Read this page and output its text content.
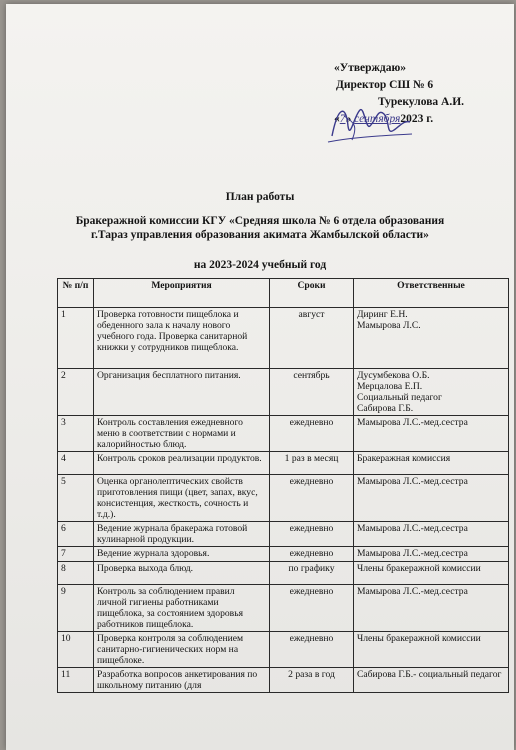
«Утверждаю»
Директор СШ № 6
Турекулова А.И.
«7» сентября2023 г.
План работы
Бракеражной комиссии КГУ «Средняя школа № 6 отдела образования
г.Тараз управления образования акимата Жамбылской области»
на 2023-2024 учебный год
№ п/п	Мероприятия	Сроки	Ответственные
1	Проверка готовности пищеблока и обеденного зала к началу нового учебного года. Проверка санитарной книжки у сотрудников пищеблока.	август	Диринг Е.Н.
Мамырова Л.С.
2	Организация бесплатного питания.	сентябрь	Дусумбекова О.Б.
Мерцалова Е.П.
Социальный педагог
Сабирова Г.Б.
3	Контроль составления ежедневного меню в соответствии с нормами и калорийностью блюд.	ежедневно	Мамырова Л.С.-мед.сестра
4	Контроль сроков реализации продуктов.	1 раз в месяц	Бракеражная комиссия
5	Оценка органолептических свойств приготовления пищи (цвет, запах, вкус, консистенция, жесткость, сочность и т.д.).	ежедневно	Мамырова Л.С.-мед.сестра
6	Ведение журнала бракеража готовой кулинарной продукции.	ежедневно	Мамырова Л.С.-мед.сестра
7	Ведение журнала здоровья.	ежедневно	Мамырова Л.С.-мед.сестра
8	Проверка выхода блюд.	по графику	Члены бракеражной комиссии
9	Контроль за соблюдением правил личной гигиены работниками пищеблока, за состоянием здоровья работников пищеблока.	ежедневно	Мамырова Л.С.-мед.сестра
10	Проверка контроля за соблюдением санитарно-гигиенических норм на пищеблоке.	ежедневно	Члены бракеражной комиссии
11	Разработка вопросов анкетирования по школьному питанию (для	2 раза в год	Сабирова Г.Б.- социальный педагог
